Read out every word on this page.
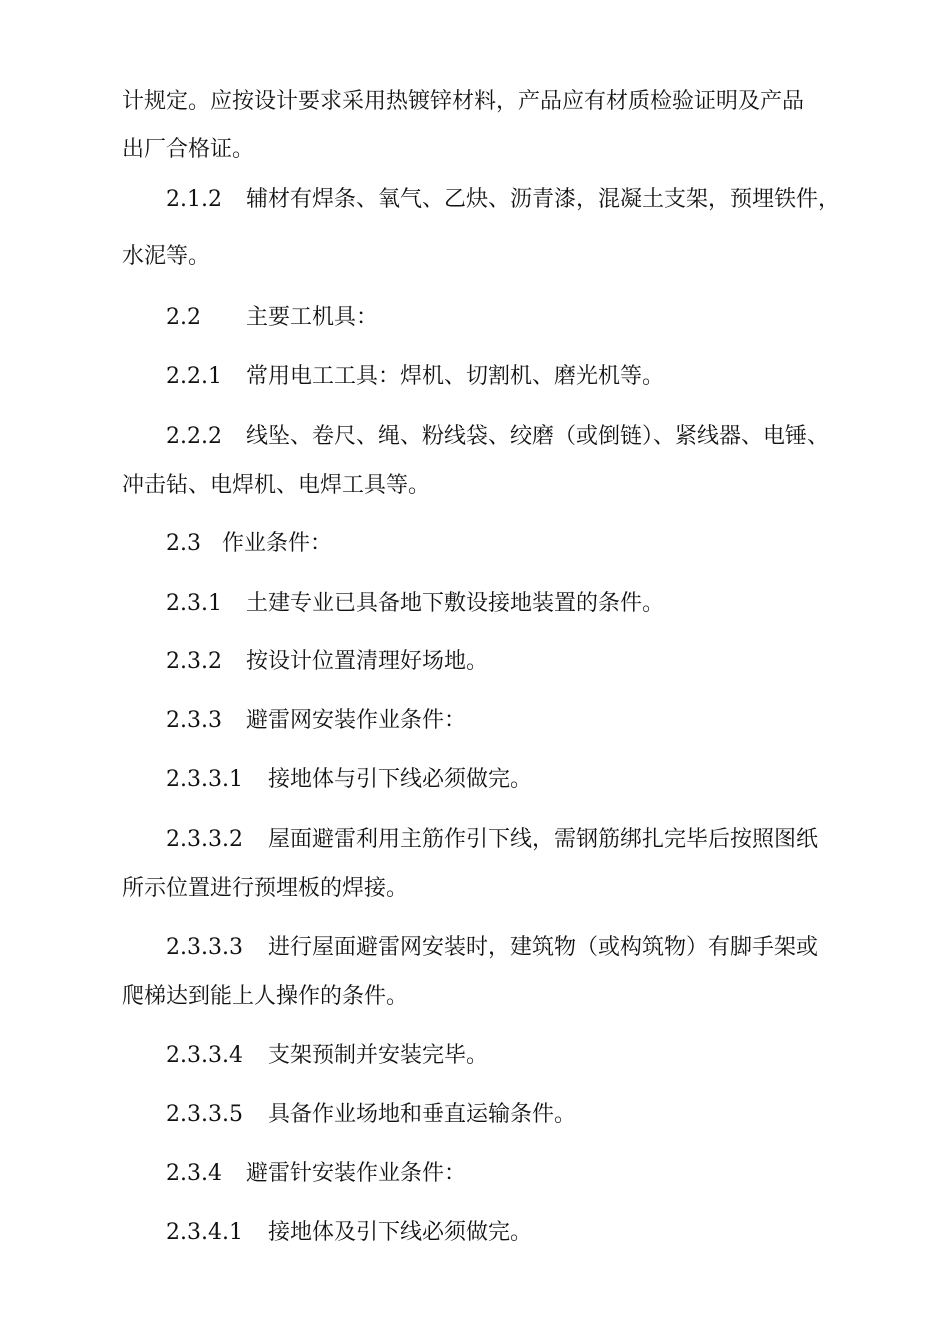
计规定。应按设计要求采用热镀锌材料，产品应有材质检验证明及产品
出厂合格证。
2.1.2 辅材有焊条、氧气、乙炔、沥青漆，混凝土支架，预埋铁件，
水泥等。
2.2 主要工机具：
2.2.1 常用电工工具：焊机、切割机、磨光机等。
2.2.2 线坠、卷尺、绳、粉线袋、绞磨（或倒链）、紧线器、电锤、
冲击钻、电焊机、电焊工具等。
2.3 作业条件：
2.3.1 土建专业已具备地下敷设接地装置的条件。
2.3.2 按设计位置清理好场地。
2.3.3 避雷网安装作业条件：
2.3.3.1 接地体与引下线必须做完。
2.3.3.2 屋面避雷利用主筋作引下线，需钢筋绑扎完毕后按照图纸
所示位置进行预埋板的焊接。
2.3.3.3 进行屋面避雷网安装时，建筑物（或构筑物）有脚手架或
爬梯达到能上人操作的条件。
2.3.3.4 支架预制并安装完毕。
2.3.3.5 具备作业场地和垂直运输条件。
2.3.4 避雷针安装作业条件：
2.3.4.1 接地体及引下线必须做完。
